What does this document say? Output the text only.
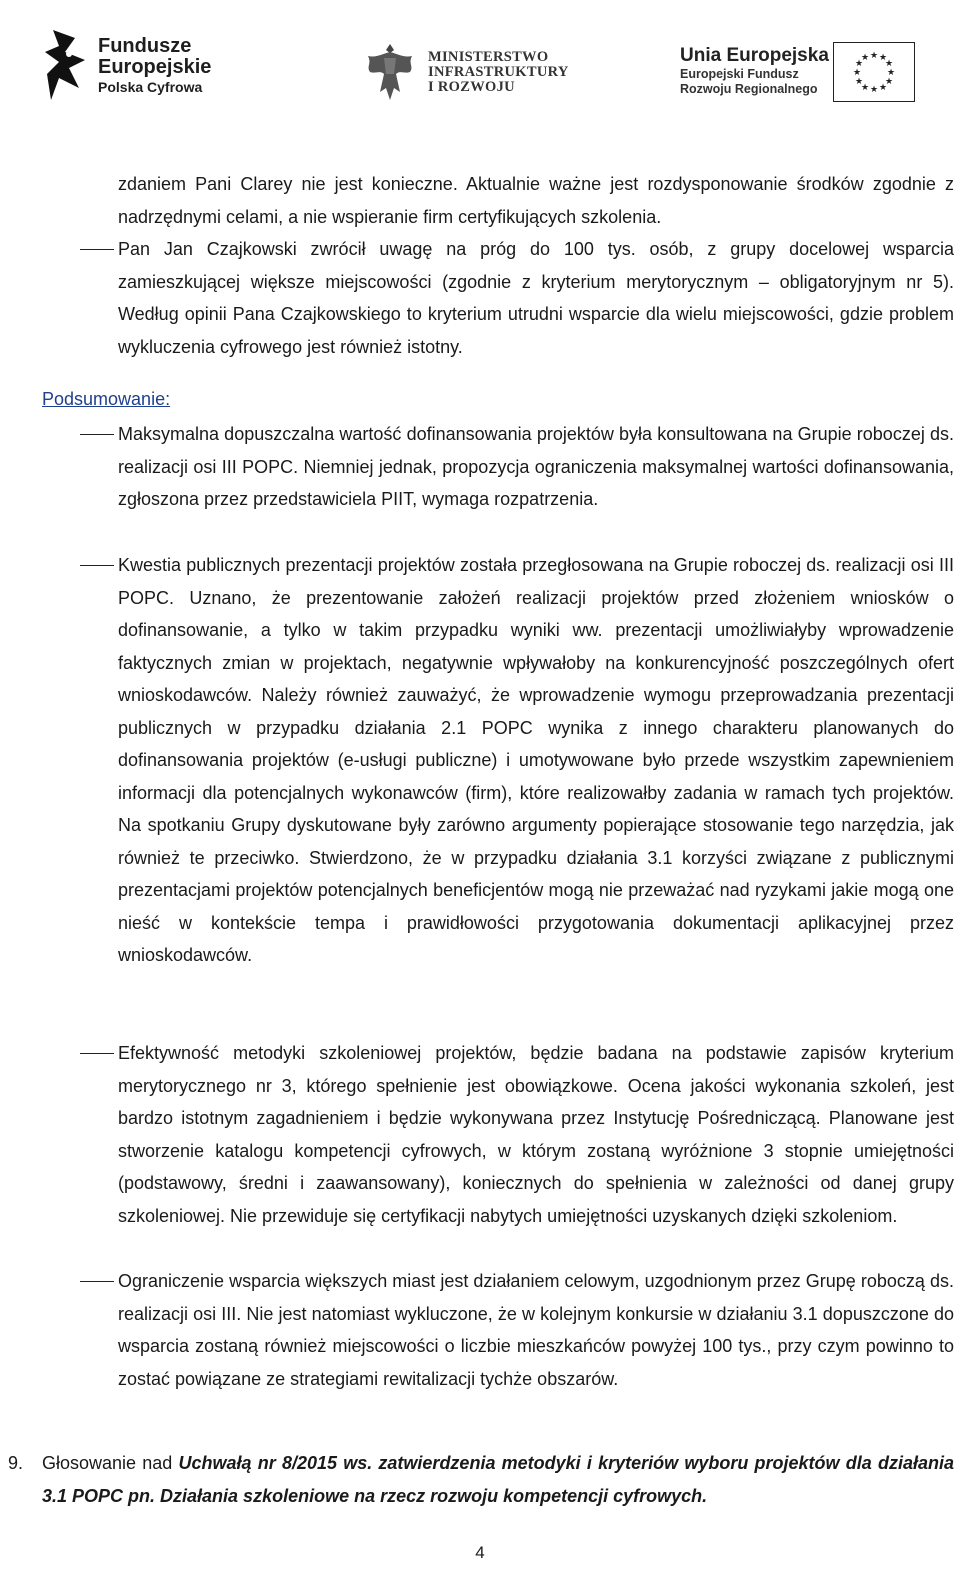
Fundusze
Europejskie
Polska Cyfrowa
MINISTERSTWO
INFRASTRUKTURY
I ROZWOJU
Unia Europejska
Europejski Fundusz
Rozwoju Regionalnego
★ ★
★
★
★
★
★
★
★
★
★
★
zdaniem Pani Clarey nie jest konieczne. Aktualnie ważne jest rozdysponowanie środków zgodnie z nadrzędnymi celami, a nie wspieranie firm certyfikujących szkolenia.
Pan Jan Czajkowski zwrócił uwagę na próg do 100 tys. osób, z grupy docelowej wsparcia zamieszkującej większe miejscowości (zgodnie z kryterium merytorycznym – obligatoryjnym nr 5). Według opinii Pana Czajkowskiego to kryterium utrudni wsparcie dla wielu miejscowości, gdzie problem wykluczenia cyfrowego jest również istotny.
Podsumowanie:
Maksymalna dopuszczalna wartość dofinansowania projektów była konsultowana na Grupie roboczej ds. realizacji osi III POPC. Niemniej jednak, propozycja ograniczenia maksymalnej wartości dofinansowania, zgłoszona przez przedstawiciela PIIT, wymaga rozpatrzenia.
Kwestia publicznych prezentacji projektów została przegłosowana na Grupie roboczej ds. realizacji osi III POPC. Uznano, że prezentowanie założeń realizacji projektów przed złożeniem wniosków o dofinansowanie, a tylko w takim przypadku wyniki ww. prezentacji umożliwiałyby wprowadzenie faktycznych zmian w projektach, negatywnie wpływałoby na konkurencyjność poszczególnych ofert wnioskodawców. Należy również zauważyć, że wprowadzenie wymogu przeprowadzania prezentacji publicznych w przypadku działania 2.1 POPC wynika z innego charakteru planowanych do dofinansowania projektów (e-usługi publiczne) i umotywowane było przede wszystkim zapewnieniem informacji dla potencjalnych wykonawców (firm), które realizowałby zadania w ramach tych projektów. Na spotkaniu Grupy dyskutowane były zarówno argumenty popierające stosowanie tego narzędzia, jak również te przeciwko. Stwierdzono, że w przypadku działania 3.1 korzyści związane z publicznymi prezentacjami projektów potencjalnych beneficjentów mogą nie przeważać nad ryzykami jakie mogą one nieść w kontekście tempa i prawidłowości przygotowania dokumentacji aplikacyjnej przez wnioskodawców.
Efektywność metodyki szkoleniowej projektów, będzie badana na podstawie zapisów kryterium merytorycznego nr 3, którego spełnienie jest obowiązkowe. Ocena jakości wykonania szkoleń, jest bardzo istotnym zagadnieniem i będzie wykonywana przez Instytucję Pośredniczącą. Planowane jest stworzenie katalogu kompetencji cyfrowych, w którym zostaną wyróżnione 3 stopnie umiejętności (podstawowy, średni i zaawansowany), koniecznych do spełnienia w zależności od danej grupy szkoleniowej. Nie przewiduje się certyfikacji nabytych umiejętności uzyskanych dzięki szkoleniom.
Ograniczenie wsparcia większych miast jest działaniem celowym, uzgodnionym przez Grupę roboczą ds. realizacji osi III. Nie jest natomiast wykluczone, że w kolejnym konkursie w działaniu 3.1 dopuszczone do wsparcia zostaną również miejscowości o liczbie mieszkańców powyżej 100 tys., przy czym powinno to zostać powiązane ze strategiami rewitalizacji tychże obszarów.
9. Głosowanie nad Uchwałą nr 8/2015 ws. zatwierdzenia metodyki i kryteriów wyboru projektów dla działania 3.1 POPC pn. Działania szkoleniowe na rzecz rozwoju kompetencji cyfrowych.
4
